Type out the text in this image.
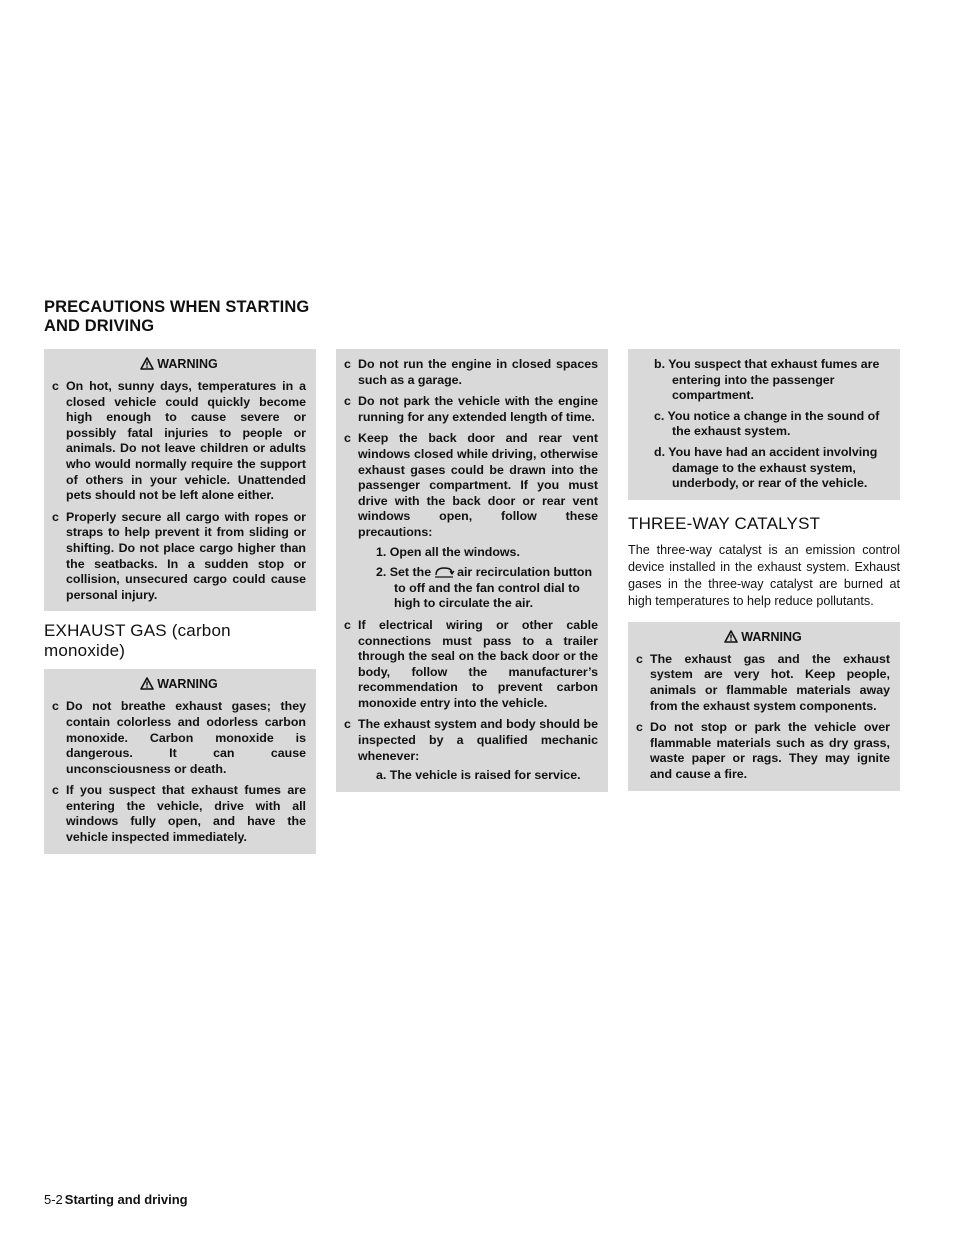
PRECAUTIONS WHEN STARTING
AND DRIVING
WARNING
c On hot, sunny days, temperatures in a closed vehicle could quickly become high enough to cause severe or possibly fatal injuries to people or animals. Do not leave children or adults who would normally require the support of others in your vehicle. Unattended pets should not be left alone either.
c Properly secure all cargo with ropes or straps to help prevent it from sliding or shifting. Do not place cargo higher than the seatbacks. In a sudden stop or collision, unsecured cargo could cause personal injury.
EXHAUST GAS (carbon monoxide)
WARNING
c Do not breathe exhaust gases; they contain colorless and odorless carbon monoxide. Carbon monoxide is dangerous. It can cause unconsciousness or death.
c If you suspect that exhaust fumes are entering the vehicle, drive with all windows fully open, and have the vehicle inspected immediately.
c Do not run the engine in closed spaces such as a garage.
c Do not park the vehicle with the engine running for any extended length of time.
c Keep the back door and rear vent windows closed while driving, otherwise exhaust gases could be drawn into the passenger compartment. If you must drive with the back door or rear vent windows open, follow these precautions:
1. Open all the windows.
2. Set the air recirculation button to off and the fan control dial to high to circulate the air.
c If electrical wiring or other cable connections must pass to a trailer through the seal on the back door or the body, follow the manufacturer’s recommendation to prevent carbon monoxide entry into the vehicle.
c The exhaust system and body should be inspected by a qualified mechanic whenever:
a. The vehicle is raised for service.
b. You suspect that exhaust fumes are entering into the passenger compartment.
c. You notice a change in the sound of the exhaust system.
d. You have had an accident involving damage to the exhaust system, underbody, or rear of the vehicle.
THREE-WAY CATALYST

The three-way catalyst is an emission control device installed in the exhaust system. Exhaust gases in the three-way catalyst are burned at high temperatures to help reduce pollutants.

WARNING
c The exhaust gas and the exhaust system are very hot. Keep people, animals or flammable materials away from the exhaust system components.
c Do not stop or park the vehicle over flammable materials such as dry grass, waste paper or rags. They may ignite and cause a fire.
5-2 Starting and driving
